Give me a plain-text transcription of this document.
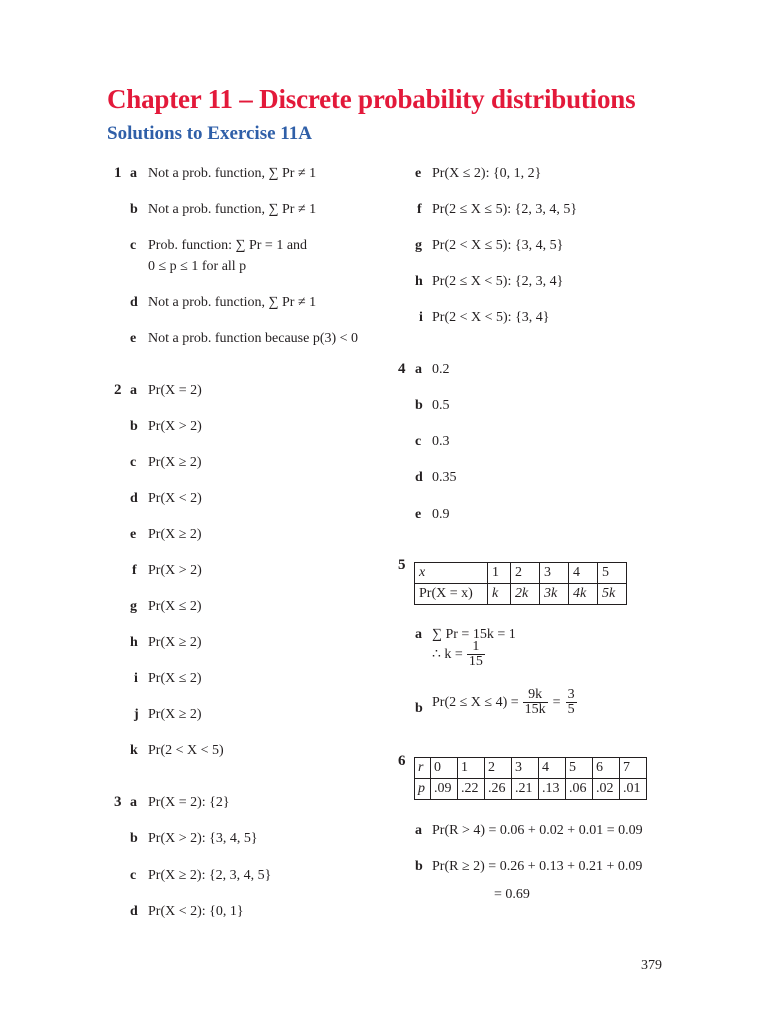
Chapter 11 – Discrete probability distributions
Solutions to Exercise 11A
1 a Not a prob. function, ∑ Pr ≠ 1
b Not a prob. function, ∑ Pr ≠ 1
c Prob. function: ∑ Pr = 1 and
0 ≤ p ≤ 1 for all p
d Not a prob. function, ∑ Pr ≠ 1
e Not a prob. function because p(3) < 0
2 a Pr(X = 2)
b Pr(X > 2)
c Pr(X ≥ 2)
d Pr(X < 2)
e Pr(X ≥ 2)
f Pr(X > 2)
g Pr(X ≤ 2)
h Pr(X ≥ 2)
i Pr(X ≤ 2)
j Pr(X ≥ 2)
k Pr(2 < X < 5)
3 a Pr(X = 2): {2}
b Pr(X > 2): {3, 4, 5}
c Pr(X ≥ 2): {2, 3, 4, 5}
d Pr(X < 2): {0, 1}
e Pr(X ≤ 2): {0, 1, 2}
f Pr(2 ≤ X ≤ 5): {2, 3, 4, 5}
g Pr(2 < X ≤ 5): {3, 4, 5}
h Pr(2 ≤ X < 5): {2, 3, 4}
i Pr(2 < X < 5): {3, 4}
4 a 0.2
b 0.5
c 0.3
d 0.35
e 0.9
5 x	1	2	3	4	5
Pr(X = x)	k	2k	3k	4k	5k
a ∑ Pr = 15k = 1
∴ $k = \frac{1}{15}$
b $Pr(2 \le X \le 4) = \frac{9k}{15k} = \frac{3}{5}$
6 r	0	1	2	3	4	5	6	7
p	.09	.22	.26	.21	.13	.06	.02	.01
a Pr(R > 4) = 0.06 + 0.02 + 0.01 = 0.09
b Pr(R ≥ 2) = 0.26 + 0.13 + 0.21 + 0.09
= 0.69
379
